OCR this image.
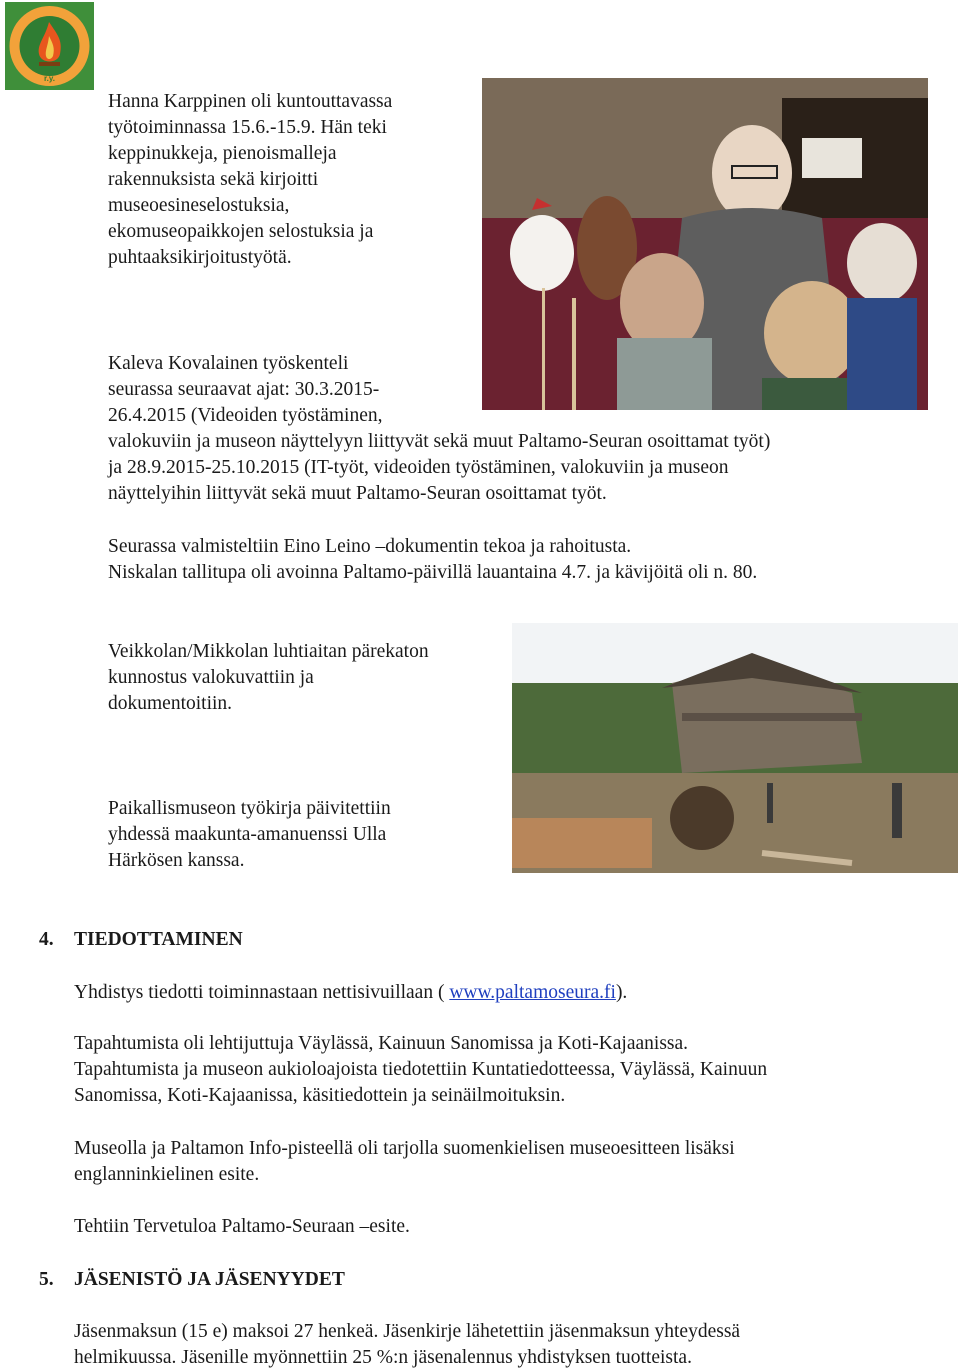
r.y.
Hanna Karppinen oli kuntouttavassa
työtoiminnassa 15.6.-15.9. Hän teki
keppinukkeja, pienoismalleja
rakennuksista sekä kirjoitti
museoesineselostuksia,
ekomuseopaikkojen selostuksia ja
puhtaaksikirjoitustyötä.
Kaleva Kovalainen työskenteli
seurassa seuraavat ajat: 30.3.2015-
26.4.2015 (Videoiden työstäminen,
valokuviin ja museon näyttelyyn liittyvät sekä muut Paltamo-Seuran osoittamat työt)
ja 28.9.2015-25.10.2015 (IT-työt, videoiden työstäminen, valokuviin ja museon
näyttelyihin liittyvät sekä muut Paltamo-Seuran osoittamat työt.
Seurassa valmisteltiin Eino Leino –dokumentin tekoa ja rahoitusta.
Niskalan tallitupa oli avoinna Paltamo-päivillä lauantaina 4.7. ja kävijöitä oli n. 80.
Veikkolan/Mikkolan luhtiaitan pärekaton
kunnostus valokuvattiin ja
dokumentoitiin.
Paikallismuseon työkirja päivitettiin
yhdessä maakunta-amanuenssi Ulla
Härkösen kanssa.
4. TIEDOTTAMINEN
Yhdistys tiedotti toiminnastaan nettisivuillaan ( www.paltamoseura.fi).
Tapahtumista oli lehtijuttuja Väylässä, Kainuun Sanomissa ja Koti-Kajaanissa.
Tapahtumista ja museon aukioloajoista tiedotettiin Kuntatiedotteessa, Väylässä, Kainuun
Sanomissa, Koti-Kajaanissa, käsitiedottein ja seinäilmoituksin.
Museolla ja Paltamon Info-pisteellä oli tarjolla suomenkielisen museoesitteen lisäksi
englanninkielinen esite.
Tehtiin Tervetuloa Paltamo-Seuraan –esite.
5. JÄSENISTÖ JA JÄSENYYDET
Jäsenmaksun (15 e) maksoi 27 henkeä. Jäsenkirje lähetettiin jäsenmaksun yhteydessä
helmikuussa. Jäsenille myönnettiin 25 %:n jäsenalennus yhdistyksen tuotteista.
